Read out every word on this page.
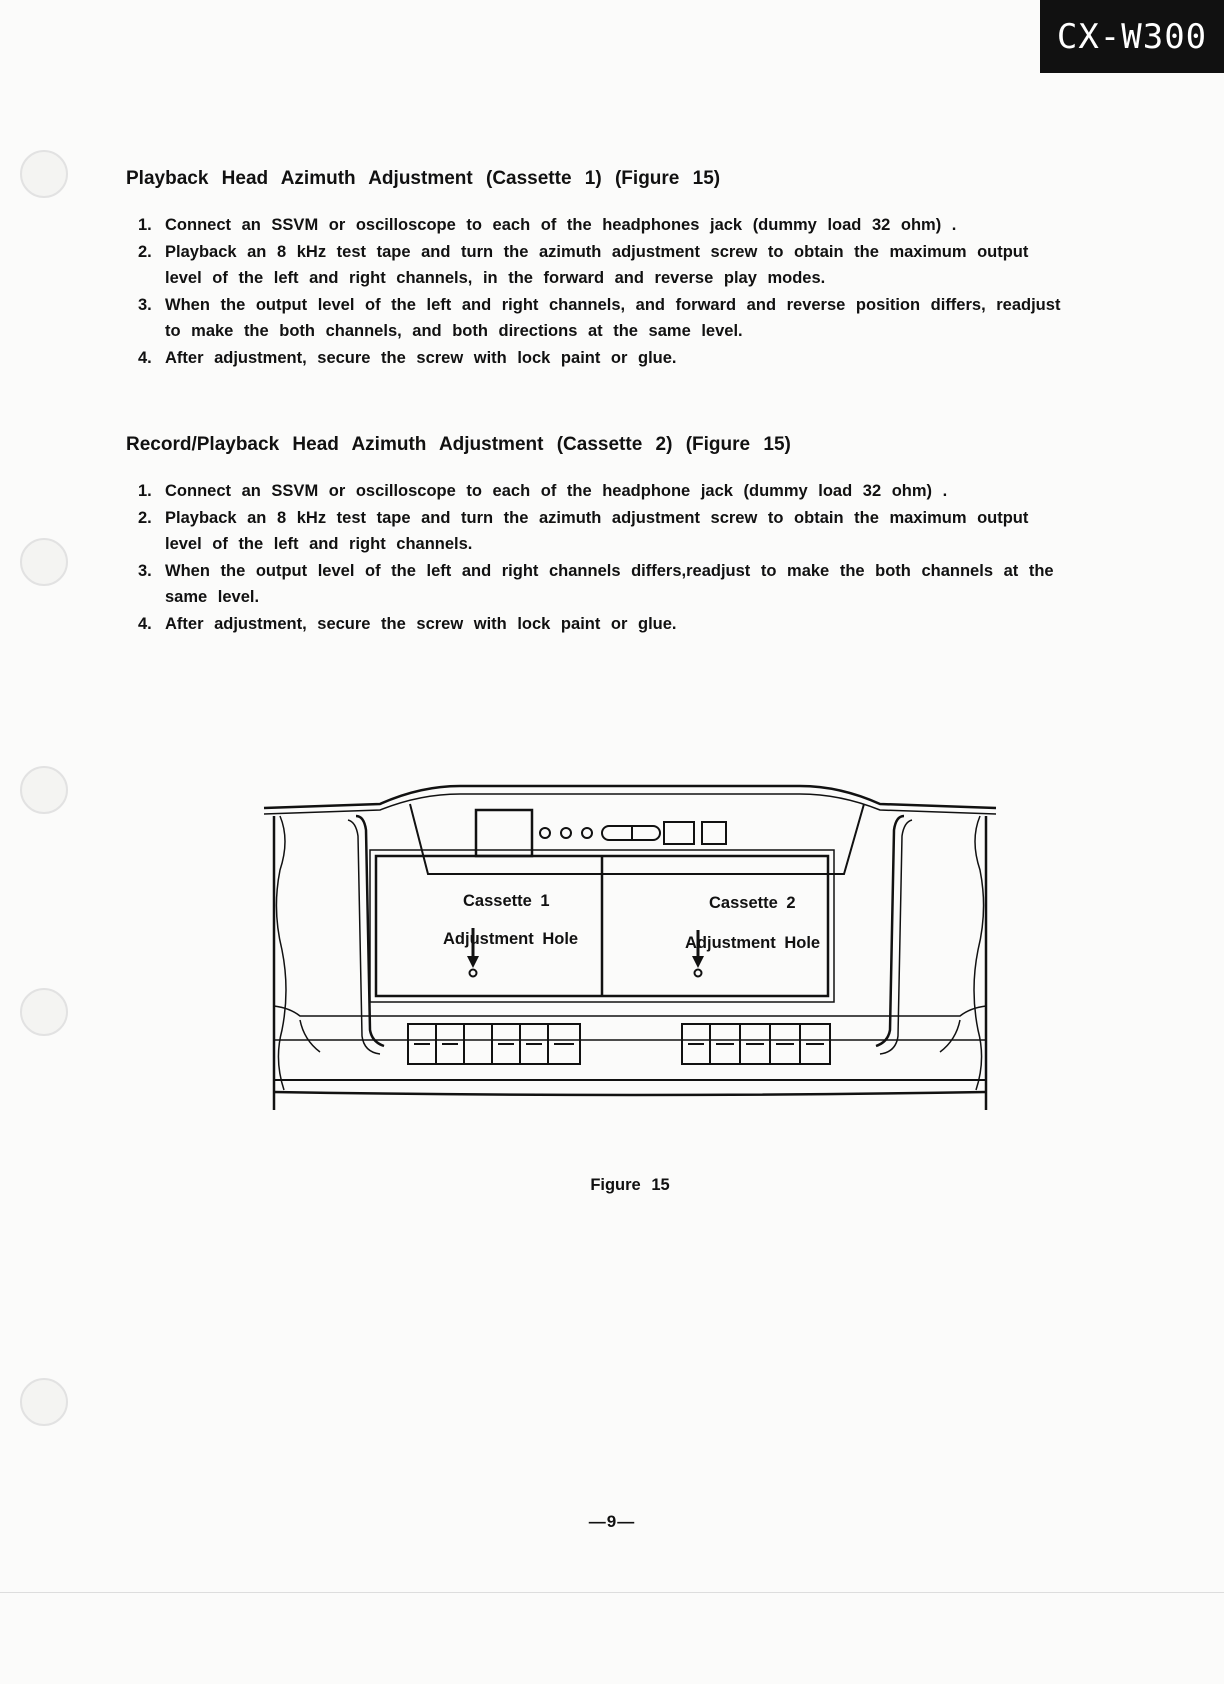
CX-W300
Playback Head Azimuth Adjustment (Cassette 1) (Figure 15)
1. Connect an SSVM or oscilloscope to each of the headphones jack (dummy load 32 ohm) .
2. Playback an 8 kHz test tape and turn the azimuth adjustment screw to obtain the maximum output level of the left and right channels, in the forward and reverse play modes.
3. When the output level of the left and right channels, and forward and reverse position differs, readjust to make the both channels, and both directions at the same level.
4. After adjustment, secure the screw with lock paint or glue.
Record/Playback Head Azimuth Adjustment (Cassette 2) (Figure 15)
1. Connect an SSVM or oscilloscope to each of the headphone jack (dummy load 32 ohm) .
2. Playback an 8 kHz test tape and turn the azimuth adjustment screw to obtain the maximum output level of the left and right channels.
3. When the output level of the left and right channels differs,readjust to make the both channels at the same level.
4. After adjustment, secure the screw with lock paint or glue.
Cassette 1
Adjustment Hole
Cassette 2
Adjustment Hole
Figure 15
—9—
